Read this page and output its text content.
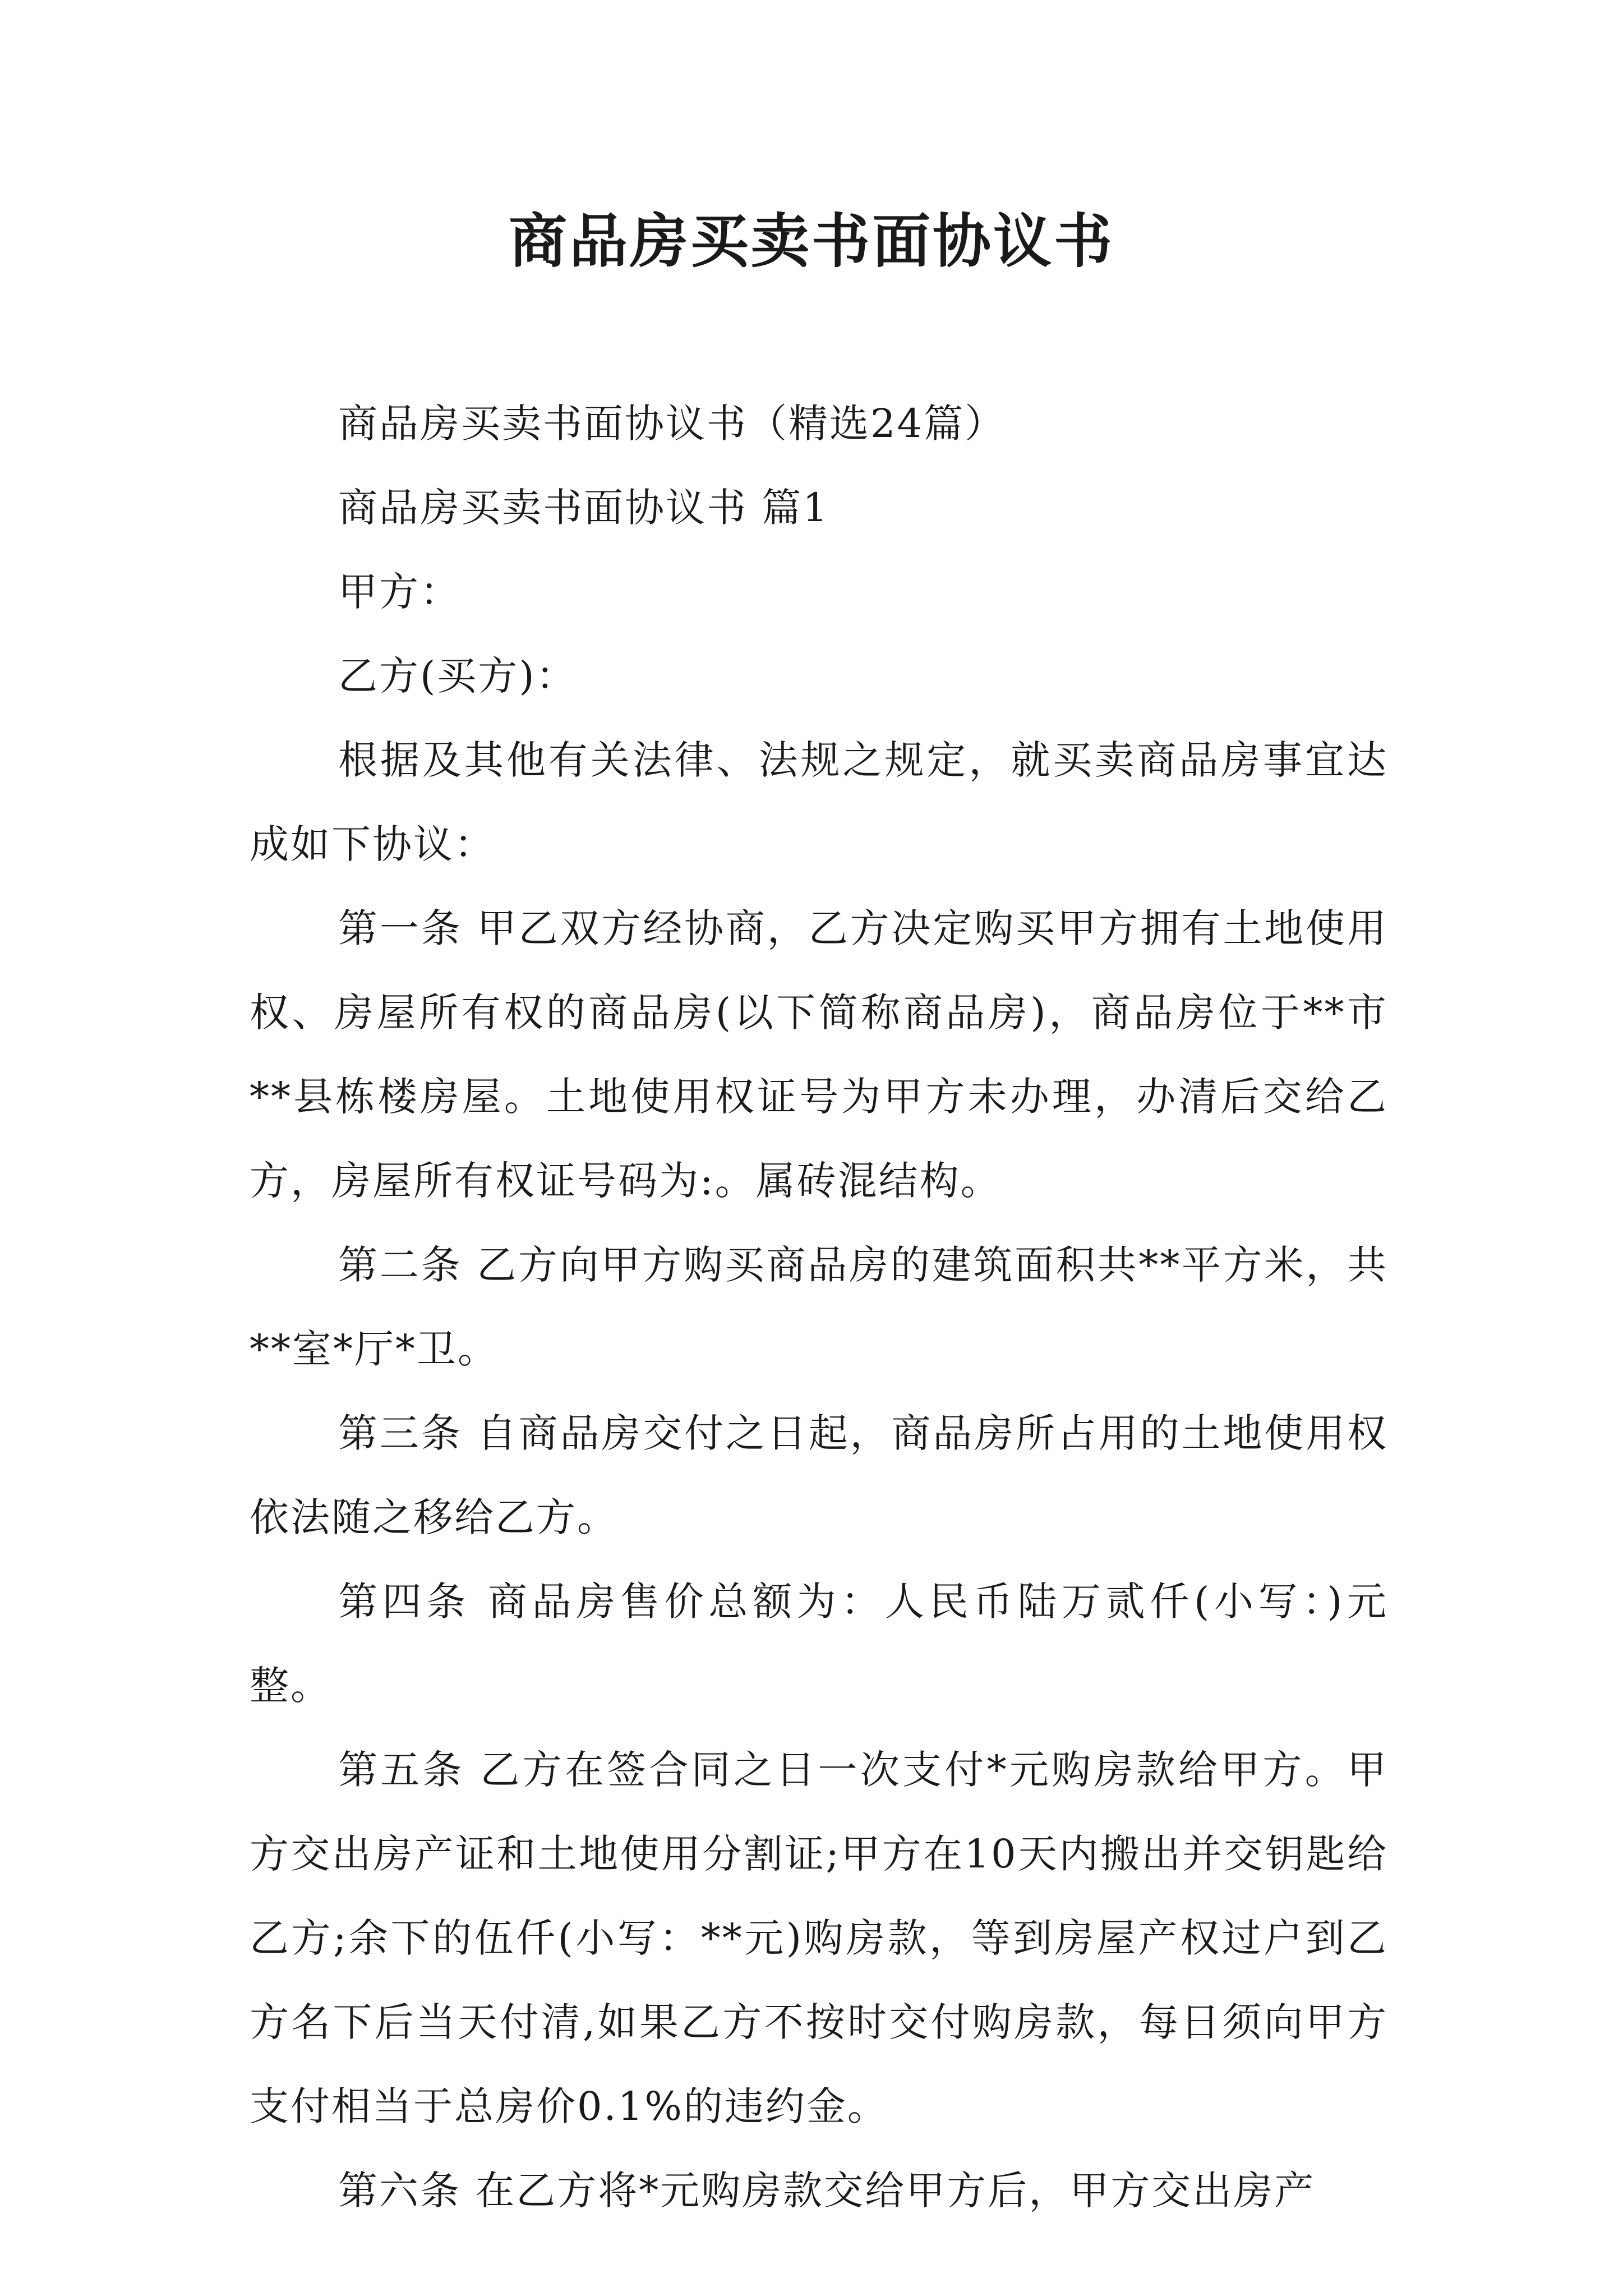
商品房买卖书面协议书

商品房买卖书面协议书（精选24篇）

商品房买卖书面协议书 篇1

甲方：

乙方(买方)：

根据及其他有关法律、法规之规定，就买卖商品房事宜达成如下协议：

第一条 甲乙双方经协商，乙方决定购买甲方拥有土地使用权、房屋所有权的商品房(以下简称商品房)，商品房位于**市**县栋楼房屋。土地使用权证号为甲方未办理，办清后交给乙方，房屋所有权证号码为:。属砖混结构。

第二条 乙方向甲方购买商品房的建筑面积共**平方米，共**室*厅*卫。

第三条 自商品房交付之日起，商品房所占用的土地使用权依法随之移给乙方。

第四条 商品房售价总额为：人民币陆万贰仟(小写：)元整。

第五条 乙方在签合同之日一次支付*元购房款给甲方。甲方交出房产证和土地使用分割证;甲方在10天内搬出并交钥匙给乙方;余下的伍仟(小写：**元)购房款，等到房屋产权过户到乙方名下后当天付清,如果乙方不按时交付购房款，每日须向甲方支付相当于总房价0.1%的违约金。

第六条 在乙方将*元购房款交给甲方后，甲方交出房产
